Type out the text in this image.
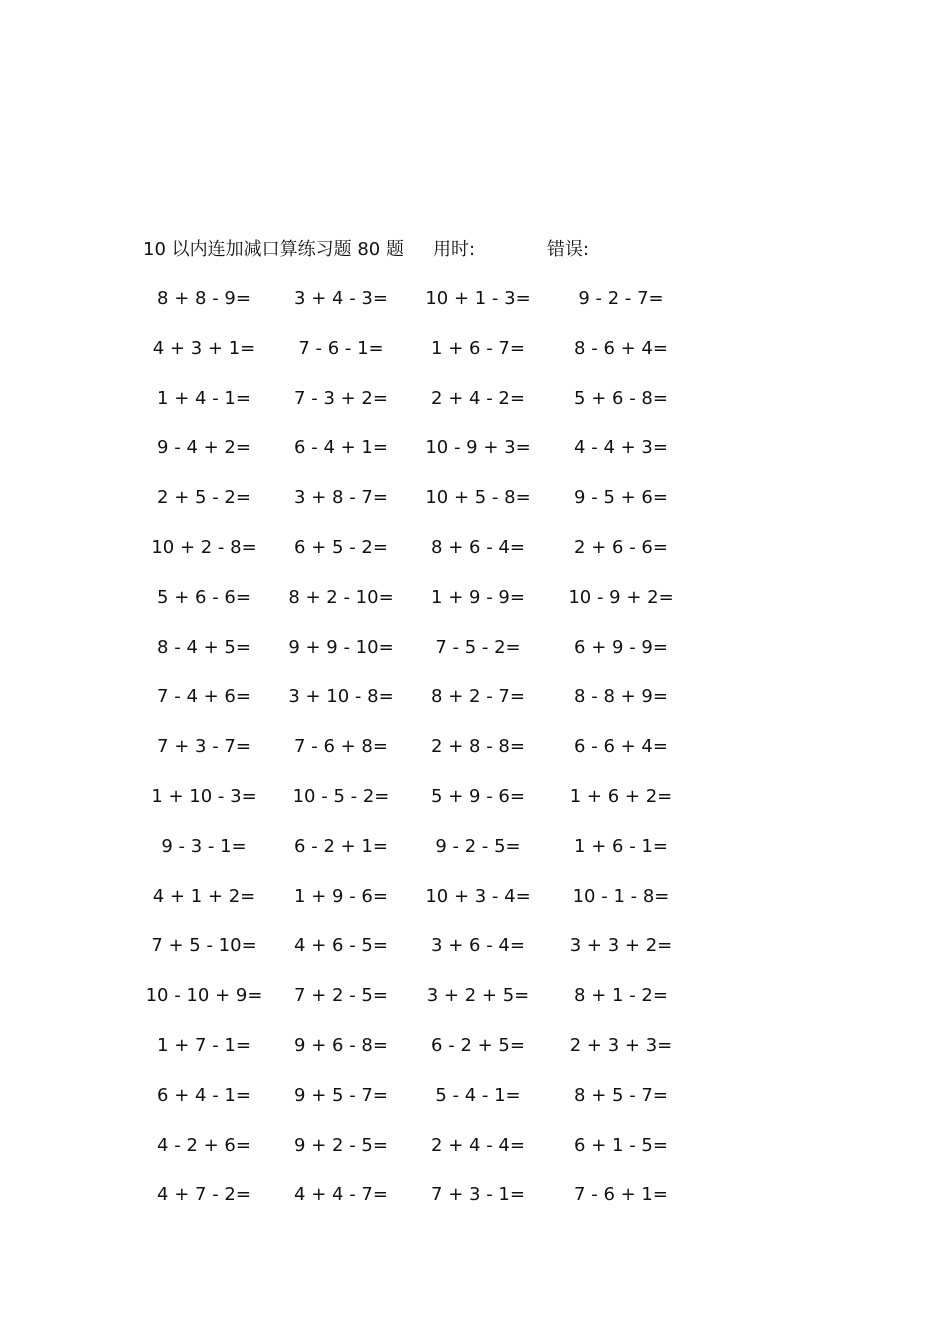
10 以内连加减口算练习题 80 题 用时:	错误:
8 + 8 - 9=	3 + 4 - 3=	10 + 1 - 3=	9 - 2 - 7=
4 + 3 + 1=	7 - 6 - 1=	1 + 6 - 7=	8 - 6 + 4=
1 + 4 - 1=	7 - 3 + 2=	2 + 4 - 2=	5 + 6 - 8=
9 - 4 + 2=	6 - 4 + 1=	10 - 9 + 3=	4 - 4 + 3=
2 + 5 - 2=	3 + 8 - 7=	10 + 5 - 8=	9 - 5 + 6=
10 + 2 - 8=	6 + 5 - 2=	8 + 6 - 4=	2 + 6 - 6=
5 + 6 - 6=	8 + 2 - 10=	1 + 9 - 9=	10 - 9 + 2=
8 - 4 + 5=	9 + 9 - 10=	7 - 5 - 2=	6 + 9 - 9=
7 - 4 + 6=	3 + 10 - 8=	8 + 2 - 7=	8 - 8 + 9=
7 + 3 - 7=	7 - 6 + 8=	2 + 8 - 8=	6 - 6 + 4=
1 + 10 - 3=	10 - 5 - 2=	5 + 9 - 6=	1 + 6 + 2=
9 - 3 - 1=	6 - 2 + 1=	9 - 2 - 5=	1 + 6 - 1=
4 + 1 + 2=	1 + 9 - 6=	10 + 3 - 4=	10 - 1 - 8=
7 + 5 - 10=	4 + 6 - 5=	3 + 6 - 4=	3 + 3 + 2=
10 - 10 + 9=	7 + 2 - 5=	3 + 2 + 5=	8 + 1 - 2=
1 + 7 - 1=	9 + 6 - 8=	6 - 2 + 5=	2 + 3 + 3=
6 + 4 - 1=	9 + 5 - 7=	5 - 4 - 1=	8 + 5 - 7=
4 - 2 + 6=	9 + 2 - 5=	2 + 4 - 4=	6 + 1 - 5=
4 + 7 - 2=	4 + 4 - 7=	7 + 3 - 1=	7 - 6 + 1=
